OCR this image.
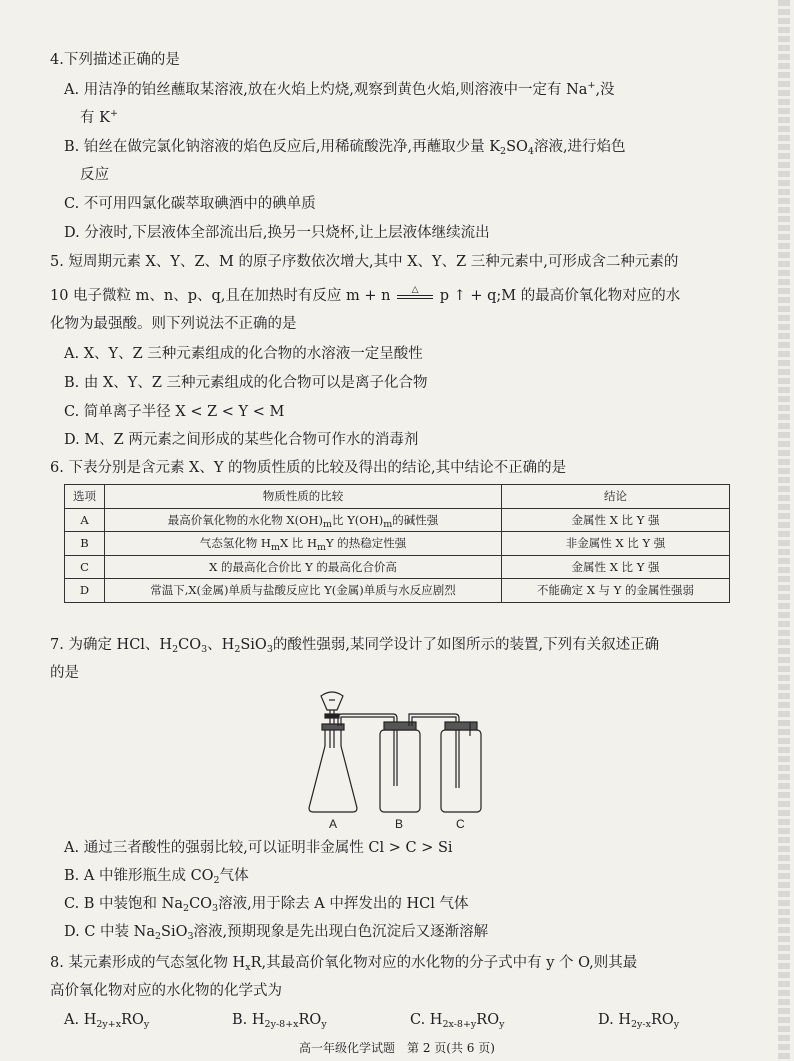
4.下列描述正确的是
A. 用洁净的铂丝蘸取某溶液,放在火焰上灼烧,观察到黄色火焰,则溶液中一定有 Na+,没
有 K+
B. 铂丝在做完氯化钠溶液的焰色反应后,用稀硫酸洗净,再蘸取少量 $K_2SO_4$溶液,进行焰色
反应
C. 不可用四氯化碳萃取碘酒中的碘单质
D. 分液时,下层液体全部流出后,换另一只烧杯,让上层液体继续流出
5. 短周期元素 X、Y、Z、M 的原子序数依次增大,其中 X、Y、Z 三种元素中,可形成含二种元素的
10 电子微粒 m、n、p、q,且在加热时有反应 m + n	△	p ↑ + q;M 的最高价氧化物对应的水
化物为最强酸。则下列说法不正确的是
A. X、Y、Z 三种元素组成的化合物的水溶液一定呈酸性
B. 由 X、Y、Z 三种元素组成的化合物可以是离子化合物
C. 简单离子半径 X < Z < Y < M
D. M、Z 两元素之间形成的某些化合物可作水的消毒剂
6. 下表分别是含元素 X、Y 的物质性质的比较及得出的结论,其中结论不正确的是
选项	物质性质的比较	结论
A	最高价氧化物的水化物 $X(OH)_m$比 $Y(OH)_m$的碱性强	金属性 X 比 Y 强
B	气态氢化物 $H_mX$ 比 $H_mY$ 的热稳定性强	非金属性 X 比 Y 强
C	X 的最高化合价比 Y 的最高化合价高	金属性 X 比 Y 强
D	常温下,X(金属)单质与盐酸反应比 Y(金属)单质与水反应剧烈	不能确定 X 与 Y 的金属性强弱
7. 为确定 HCl、$H_2CO_3$、$H_2SiO_3$的酸性强弱,某同学设计了如图所示的装置,下列有关叙述正确
的是
A	B	C
A. 通过三者酸性的强弱比较,可以证明非金属性 Cl > C > Si
B. A 中锥形瓶生成 $CO_2$气体
C. B 中装饱和 $Na_2CO_3$溶液,用于除去 A 中挥发出的 HCl 气体
D. C 中装 $Na_2SiO_3$溶液,预期现象是先出现白色沉淀后又逐渐溶解
8. 某元素形成的气态氢化物 $H_xR$,其最高价氧化物对应的水化物的分子式中有 y 个 O,则其最
高价氧化物对应的水化物的化学式为
A. $H_{2y+x}RO_y$	B. $H_{2y-8+x}RO_y$	C. $H_{2x-8+y}RO_y$	D. $H_{2y-x}RO_y$
高一年级化学试题　第 2 页(共 6 页)
